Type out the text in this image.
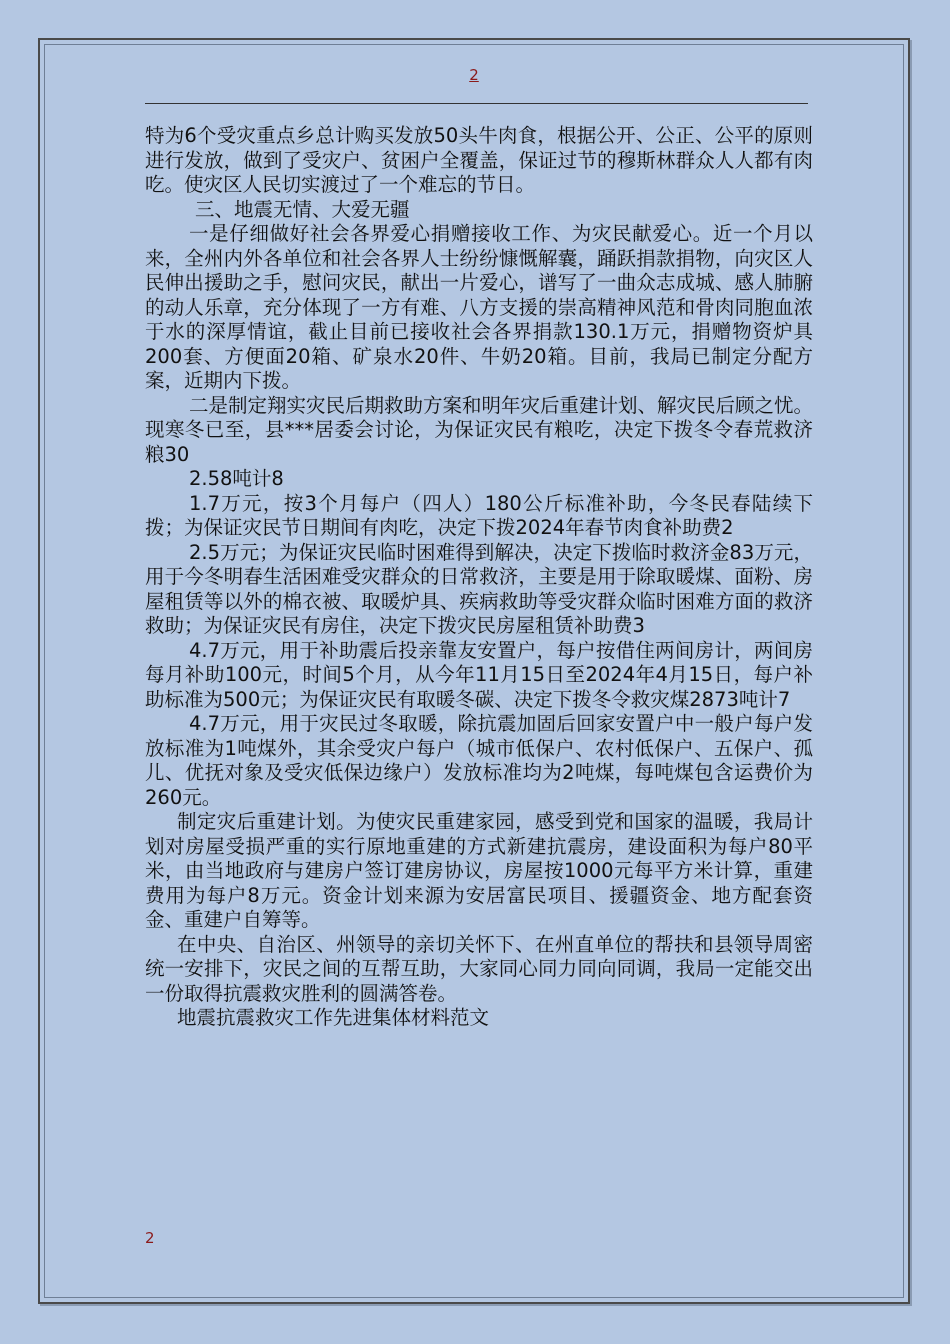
2

特为6个受灾重点乡总计购买发放50头牛肉食，根据公开、公正、公平的原则进行发放，做到了受灾户、贫困户全覆盖，保证过节的穆斯林群众人人都有肉吃。使灾区人民切实渡过了一个难忘的节日。

三、地震无情、大爱无疆

一是仔细做好社会各界爱心捐赠接收工作、为灾民献爱心。近一个月以来，全州内外各单位和社会各界人士纷纷慷慨解囊，踊跃捐款捐物，向灾区人民伸出援助之手，慰问灾民，献出一片爱心，谱写了一曲众志成城、感人肺腑的动人乐章，充分体现了一方有难、八方支援的崇高精神风范和骨肉同胞血浓于水的深厚情谊，截止目前已接收社会各界捐款130.1万元，捐赠物资炉具200套、方便面20箱、矿泉水20件、牛奶20箱。目前，我局已制定分配方案，近期内下拨。

二是制定翔实灾民后期救助方案和明年灾后重建计划、解灾民后顾之忧。现寒冬已至，县***居委会讨论，为保证灾民有粮吃，决定下拨冬令春荒救济粮30

2.58吨计8

1.7万元，按3个月每户（四人）180公斤标准补助，今冬民春陆续下拨；为保证灾民节日期间有肉吃，决定下拨2024年春节肉食补助费2

2.5万元；为保证灾民临时困难得到解决，决定下拨临时救济金83万元，用于今冬明春生活困难受灾群众的日常救济，主要是用于除取暖煤、面粉、房屋租赁等以外的棉衣被、取暖炉具、疾病救助等受灾群众临时困难方面的救济救助；为保证灾民有房住，决定下拨灾民房屋租赁补助费3

4.7万元，用于补助震后投亲靠友安置户，每户按借住两间房计，两间房每月补助100元，时间5个月，从今年11月15日至2024年4月15日，每户补助标准为500元；为保证灾民有取暖冬碳、决定下拨冬令救灾煤2873吨计7

4.7万元，用于灾民过冬取暖，除抗震加固后回家安置户中一般户每户发放标准为1吨煤外，其余受灾户每户（城市低保户、农村低保户、五保户、孤儿、优抚对象及受灾低保边缘户）发放标准均为2吨煤，每吨煤包含运费价为260元。

制定灾后重建计划。为使灾民重建家园，感受到党和国家的温暖，我局计划对房屋受损严重的实行原地重建的方式新建抗震房，建设面积为每户80平米，由当地政府与建房户签订建房协议，房屋按1000元每平方米计算，重建费用为每户8万元。资金计划来源为安居富民项目、援疆资金、地方配套资金、重建户自筹等。

在中央、自治区、州领导的亲切关怀下、在州直单位的帮扶和县领导周密统一安排下，灾民之间的互帮互助，大家同心同力同向同调，我局一定能交出一份取得抗震救灾胜利的圆满答卷。

地震抗震救灾工作先进集体材料范文

2
